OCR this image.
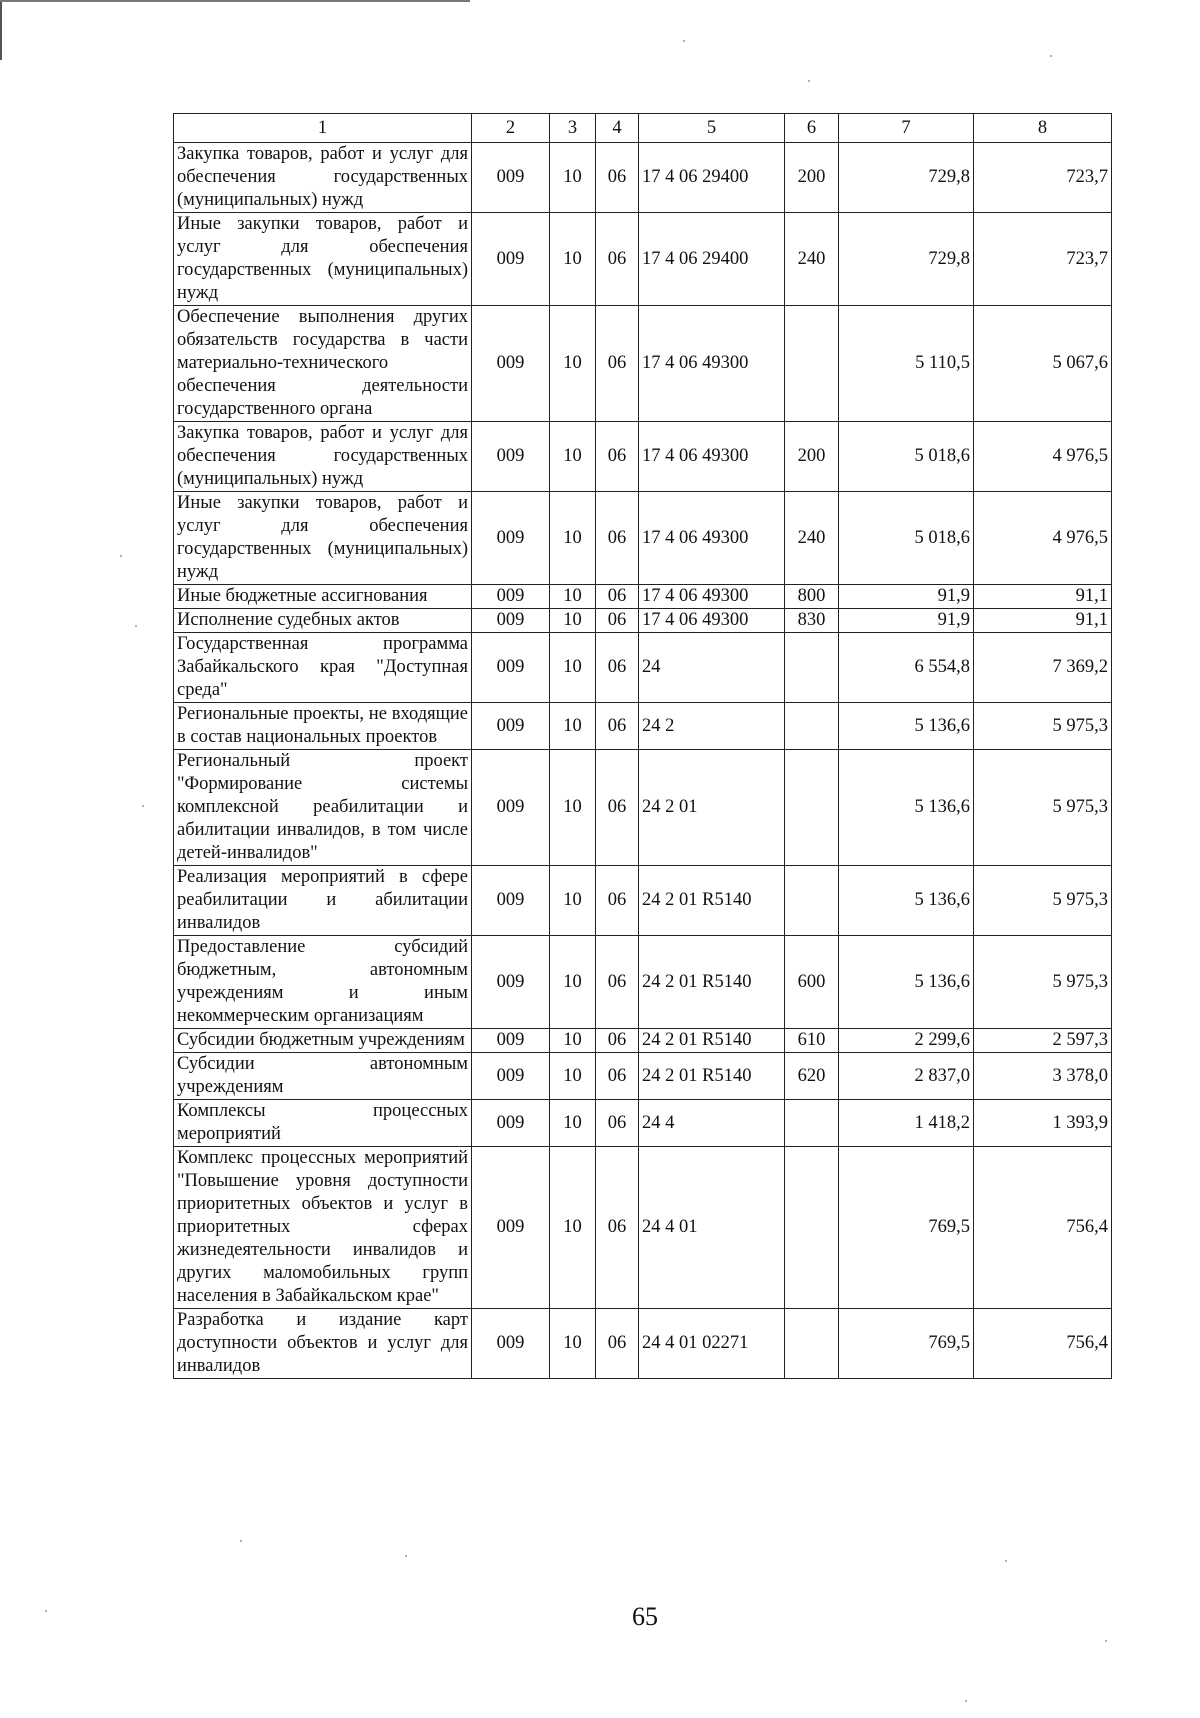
1	2	3	4	5	6	7	8
Закупка товаров, работ и услуг для обеспечения государственных (муниципальных) нужд	009	10	06	17 4 06 29400	200	729,8	723,7
Иные закупки товаров, работ и услуг для обеспечения государственных (муниципальных) нужд	009	10	06	17 4 06 29400	240	729,8	723,7
Обеспечение выполнения других обязательств государства в части материально-технического обеспечения деятельности государственного органа	009	10	06	17 4 06 49300		5 110,5	5 067,6
Закупка товаров, работ и услуг для обеспечения государственных (муниципальных) нужд	009	10	06	17 4 06 49300	200	5 018,6	4 976,5
Иные закупки товаров, работ и услуг для обеспечения государственных (муниципальных) нужд	009	10	06	17 4 06 49300	240	5 018,6	4 976,5
Иные бюджетные ассигнования	009	10	06	17 4 06 49300	800	91,9	91,1
Исполнение судебных актов	009	10	06	17 4 06 49300	830	91,9	91,1
Государственная программа Забайкальского края "Доступная среда"	009	10	06	24		6 554,8	7 369,2
Региональные проекты, не входящие в состав национальных проектов	009	10	06	24 2		5 136,6	5 975,3
Региональный проект "Формирование системы комплексной реабилитации и абилитации инвалидов, в том числе детей-инвалидов"	009	10	06	24 2 01		5 136,6	5 975,3
Реализация мероприятий в сфере реабилитации и абилитации инвалидов	009	10	06	24 2 01 R5140		5 136,6	5 975,3
Предоставление субсидий бюджетным, автономным учреждениям и иным некоммерческим организациям	009	10	06	24 2 01 R5140	600	5 136,6	5 975,3
Субсидии бюджетным учреждениям	009	10	06	24 2 01 R5140	610	2 299,6	2 597,3
Субсидии автономным учреждениям	009	10	06	24 2 01 R5140	620	2 837,0	3 378,0
Комплексы процессных мероприятий	009	10	06	24 4		1 418,2	1 393,9
Комплекс процессных мероприятий "Повышение уровня доступности приоритетных объектов и услуг в приоритетных сферах жизнедеятельности инвалидов и других маломобильных групп населения в Забайкальском крае"	009	10	06	24 4 01		769,5	756,4
Разработка и издание карт доступности объектов и услуг для инвалидов	009	10	06	24 4 01 02271		769,5	756,4
65
